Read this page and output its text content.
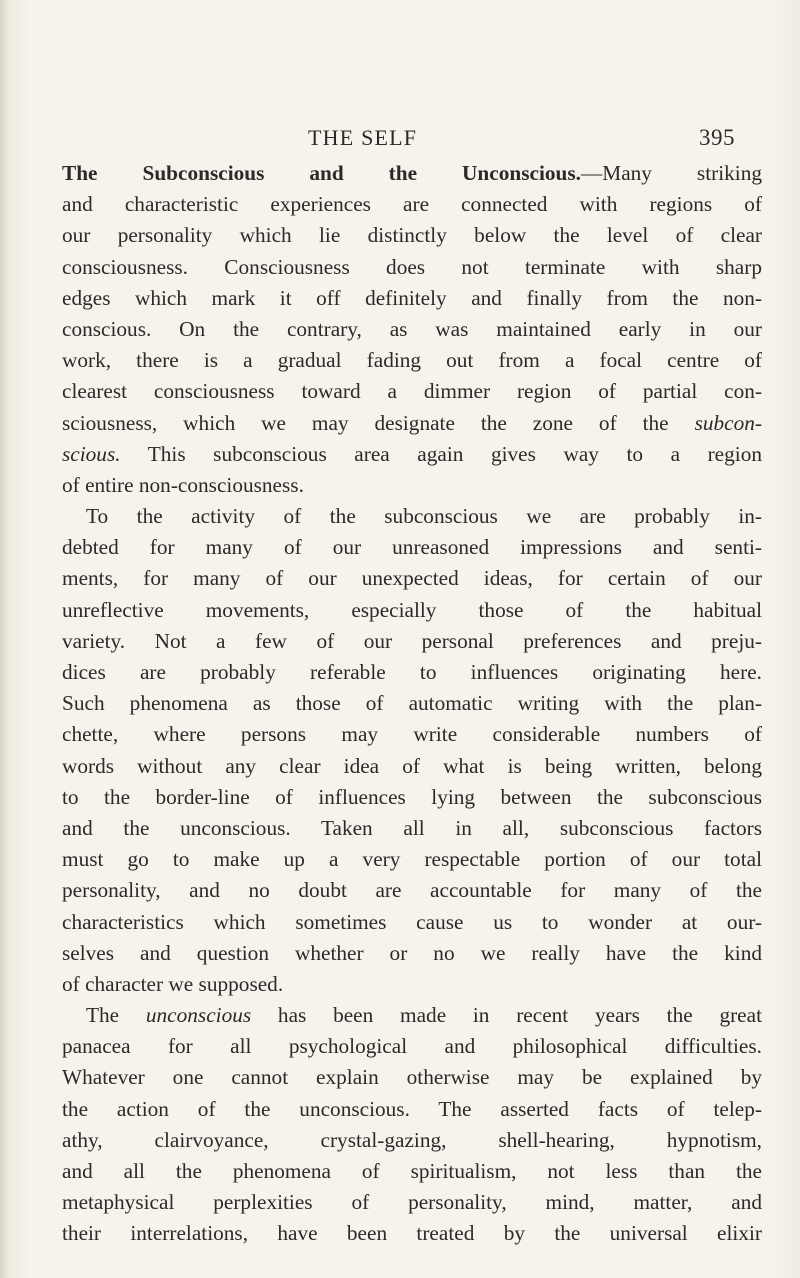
THE SELF	395
The Subconscious and the Unconscious.—Many striking
and characteristic experiences are connected with regions of
our personality which lie distinctly below the level of clear
consciousness. Consciousness does not terminate with sharp
edges which mark it off definitely and finally from the non-
conscious. On the contrary, as was maintained early in our
work, there is a gradual fading out from a focal centre of
clearest consciousness toward a dimmer region of partial con-
sciousness, which we may designate the zone of the subcon-
scious. This subconscious area again gives way to a region
of entire non-consciousness.
To the activity of the subconscious we are probably in-
debted for many of our unreasoned impressions and senti-
ments, for many of our unexpected ideas, for certain of our
unreflective movements, especially those of the habitual
variety. Not a few of our personal preferences and preju-
dices are probably referable to influences originating here.
Such phenomena as those of automatic writing with the plan-
chette, where persons may write considerable numbers of
words without any clear idea of what is being written, belong
to the border-line of influences lying between the subconscious
and the unconscious. Taken all in all, subconscious factors
must go to make up a very respectable portion of our total
personality, and no doubt are accountable for many of the
characteristics which sometimes cause us to wonder at our-
selves and question whether or no we really have the kind
of character we supposed.
The unconscious has been made in recent years the great
panacea for all psychological and philosophical difficulties.
Whatever one cannot explain otherwise may be explained by
the action of the unconscious. The asserted facts of telep-
athy, clairvoyance, crystal-gazing, shell-hearing, hypnotism,
and all the phenomena of spiritualism, not less than the
metaphysical perplexities of personality, mind, matter, and
their interrelations, have been treated by the universal elixir
